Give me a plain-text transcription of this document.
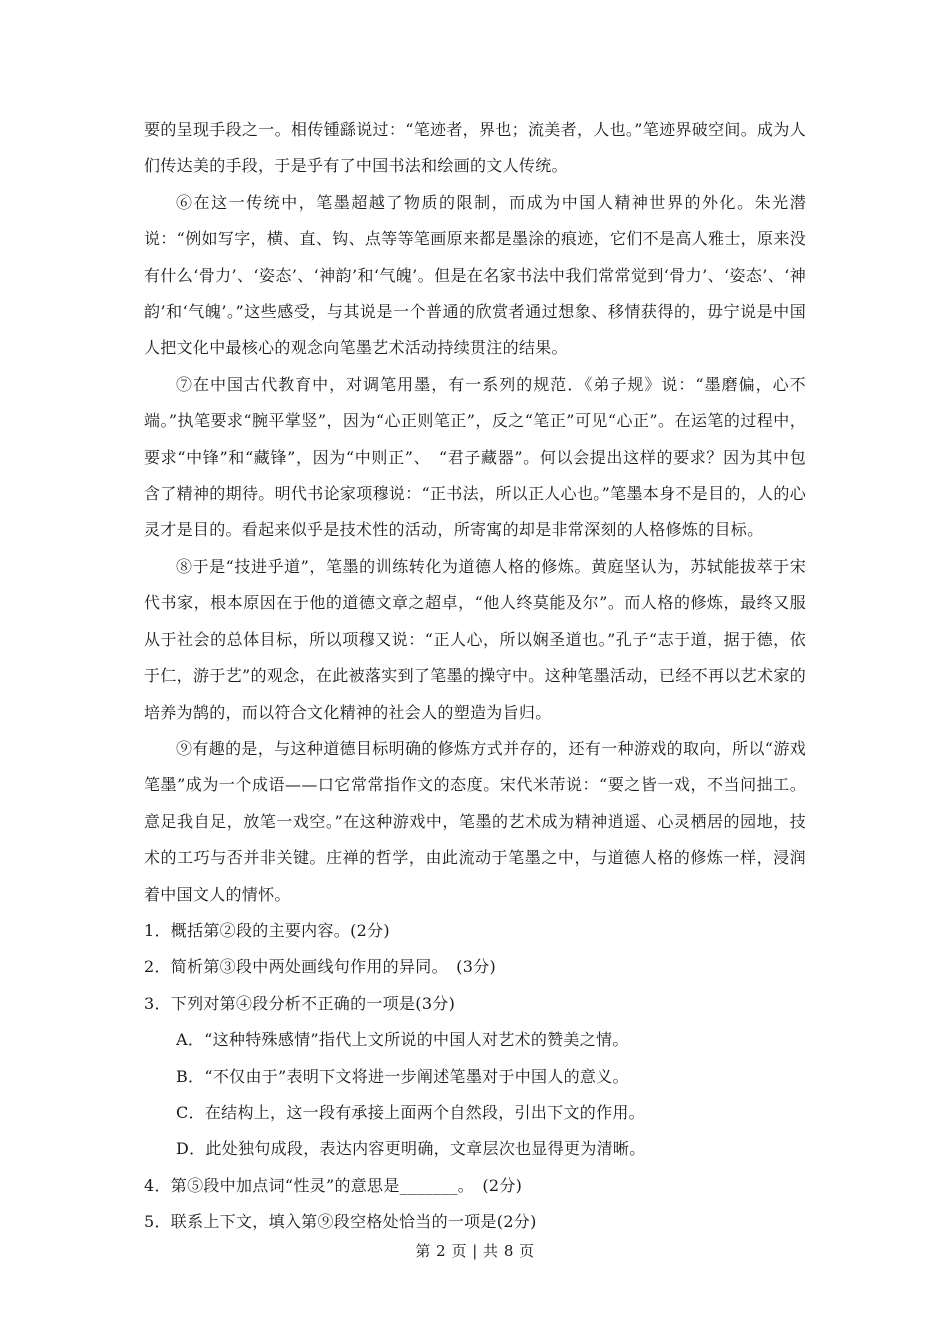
要的呈现手段之一。相传锺繇说过：“笔迹者，界也；流美者，人也。”笔迹界破空间。成为人们传达美的手段，于是乎有了中国书法和绘画的文人传统。

⑥在这一传统中，笔墨超越了物质的限制，而成为中国人精神世界的外化。朱光潜说：“例如写字，横、直、钩、点等等笔画原来都是墨涂的痕迹，它们不是高人雅士，原来没有什么‘骨力’、‘姿态’、‘神韵’和‘气魄’。但是在名家书法中我们常常觉到‘骨力’、‘姿态’、‘神韵’和‘气魄’。”这些感受，与其说是一个普通的欣赏者通过想象、移情获得的，毋宁说是中国人把文化中最核心的观念向笔墨艺术活动持续贯注的结果。

⑦在中国古代教育中，对调笔用墨，有一系列的规范．《弟子规》说：“墨磨偏，心不端。”执笔要求“腕平掌竖”，因为“心正则笔正”，反之“笔正”可见“心正”。在运笔的过程中，要求“中锋”和“藏锋”，因为“中则正”、　“君子藏器”。何以会提出这样的要求？因为其中包含了精神的期待。明代书论家项穆说：“正书法，所以正人心也。”笔墨本身不是目的，人的心灵才是目的。看起来似乎是技术性的活动，所寄寓的却是非常深刻的人格修炼的目标。

⑧于是“技进乎道”，笔墨的训练转化为道德人格的修炼。黄庭坚认为，苏轼能拔萃于宋代书家，根本原因在于他的道德文章之超卓，“他人终莫能及尔”。而人格的修炼，最终又服从于社会的总体目标，所以项穆又说：“正人心，所以娴圣道也。”孔子“志于道，据于德，依于仁，游于艺”的观念，在此被落实到了笔墨的操守中。这种笔墨活动，已经不再以艺术家的培养为鹄的，而以符合文化精神的社会人的塑造为旨归。

⑨有趣的是，与这种道德目标明确的修炼方式并存的，还有一种游戏的取向，所以“游戏笔墨”成为一个成语——口它常常指作文的态度。宋代米芾说：“要之皆一戏，不当问拙工。意足我自足，放笔一戏空。”在这种游戏中，笔墨的艺术成为精神逍遥、心灵栖居的园地，技术的工巧与否并非关键。庄禅的哲学，由此流动于笔墨之中，与道德人格的修炼一样，浸润着中国文人的情怀。

1．概括第②段的主要内容。(2分)

2．简析第③段中两处画线句作用的异同。　(3分)

3．下列对第④段分析不正确的一项是(3分)

A．“这种特殊感情”指代上文所说的中国人对艺术的赞美之情。

B．“不仅由于”表明下文将进一步阐述笔墨对于中国人的意义。

C．在结构上，这一段有承接上面两个自然段，引出下文的作用。

D．此处独句成段，表达内容更明确，文章层次也显得更为清晰。

4．第⑤段中加点词“性灵”的意思是_______。　(2分)

5．联系上下文，填入第⑨段空格处恰当的一项是(2分)

第 2 页 | 共 8 页
